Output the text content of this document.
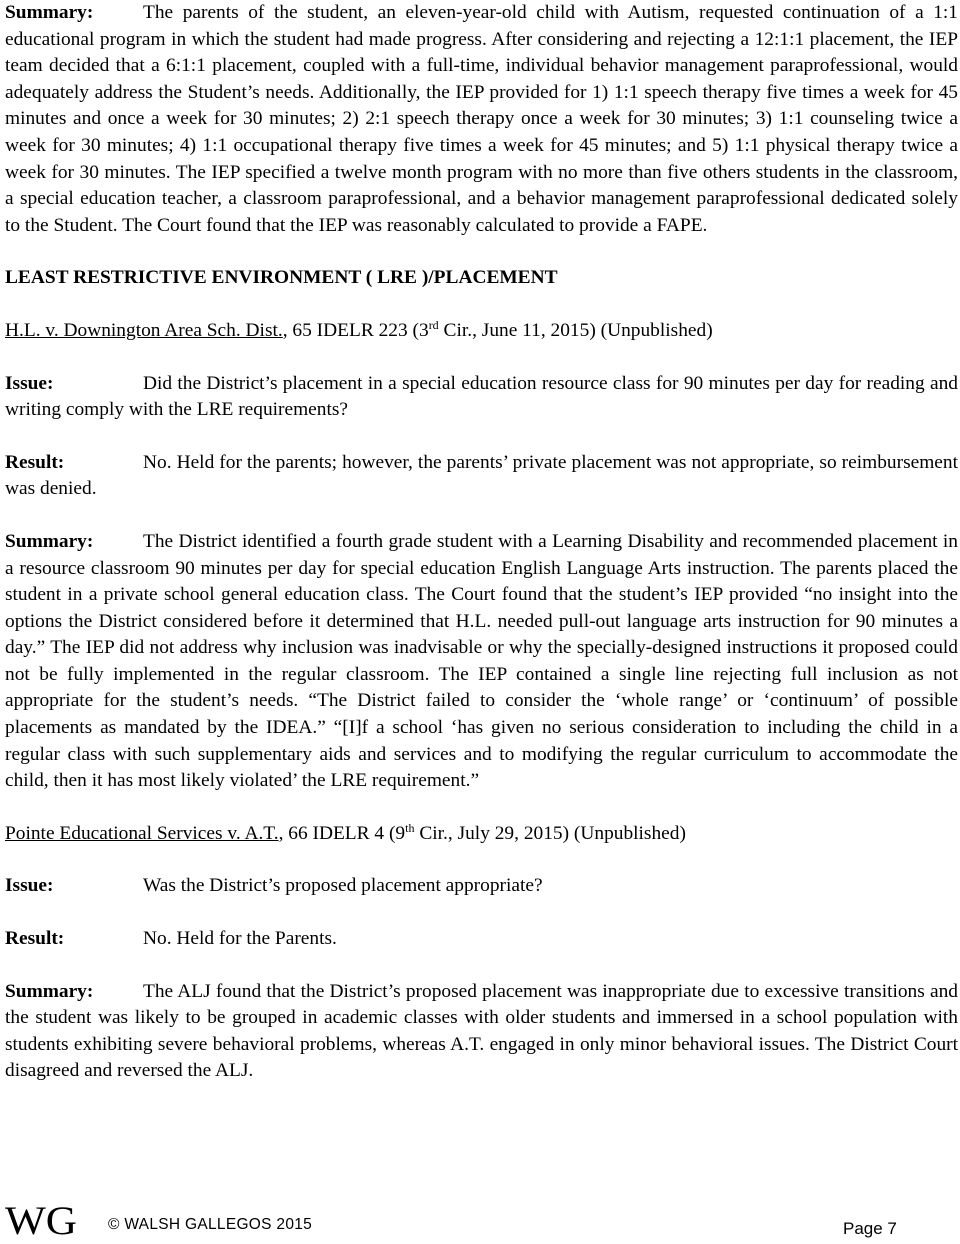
Summary:	The parents of the student, an eleven-year-old child with Autism, requested continuation of a 1:1 educational program in which the student had made progress. After considering and rejecting a 12:1:1 placement, the IEP team decided that a 6:1:1 placement, coupled with a full-time, individual behavior management paraprofessional, would adequately address the Student’s needs. Additionally, the IEP provided for 1) 1:1 speech therapy five times a week for 45 minutes and once a week for 30 minutes; 2) 2:1 speech therapy once a week for 30 minutes; 3) 1:1 counseling twice a week for 30 minutes; 4) 1:1 occupational therapy five times a week for 45 minutes; and 5) 1:1 physical therapy twice a week for 30 minutes. The IEP specified a twelve month program with no more than five others students in the classroom, a special education teacher, a classroom paraprofessional, and a behavior management paraprofessional dedicated solely to the Student. The Court found that the IEP was reasonably calculated to provide a FAPE.

LEAST RESTRICTIVE ENVIRONMENT ( LRE )/PLACEMENT

H.L. v. Downington Area Sch. Dist., 65 IDELR 223 (3rd Cir., June 11, 2015) (Unpublished)

Issue:	Did the District’s placement in a special education resource class for 90 minutes per day for reading and writing comply with the LRE requirements?

Result:	No. Held for the parents; however, the parents’ private placement was not appropriate, so reimbursement was denied.

Summary:	The District identified a fourth grade student with a Learning Disability and recommended placement in a resource classroom 90 minutes per day for special education English Language Arts instruction. The parents placed the student in a private school general education class. The Court found that the student’s IEP provided “no insight into the options the District considered before it determined that H.L. needed pull-out language arts instruction for 90 minutes a day.” The IEP did not address why inclusion was inadvisable or why the specially-designed instructions it proposed could not be fully implemented in the regular classroom. The IEP contained a single line rejecting full inclusion as not appropriate for the student’s needs. “The District failed to consider the ‘whole range’ or ‘continuum’ of possible placements as mandated by the IDEA.” “[I]f a school ‘has given no serious consideration to including the child in a regular class with such supplementary aids and services and to modifying the regular curriculum to accommodate the child, then it has most likely violated’ the LRE requirement.”

Pointe Educational Services v. A.T., 66 IDELR 4 (9th Cir., July 29, 2015) (Unpublished)

Issue:	Was the District’s proposed placement appropriate?

Result:	No. Held for the Parents.

Summary:	The ALJ found that the District’s proposed placement was inappropriate due to excessive transitions and the student was likely to be grouped in academic classes with older students and immersed in a school population with students exhibiting severe behavioral problems, whereas A.T. engaged in only minor behavioral issues. The District Court disagreed and reversed the ALJ.

WG © WALSH GALLEGOS 2015	Page 7
